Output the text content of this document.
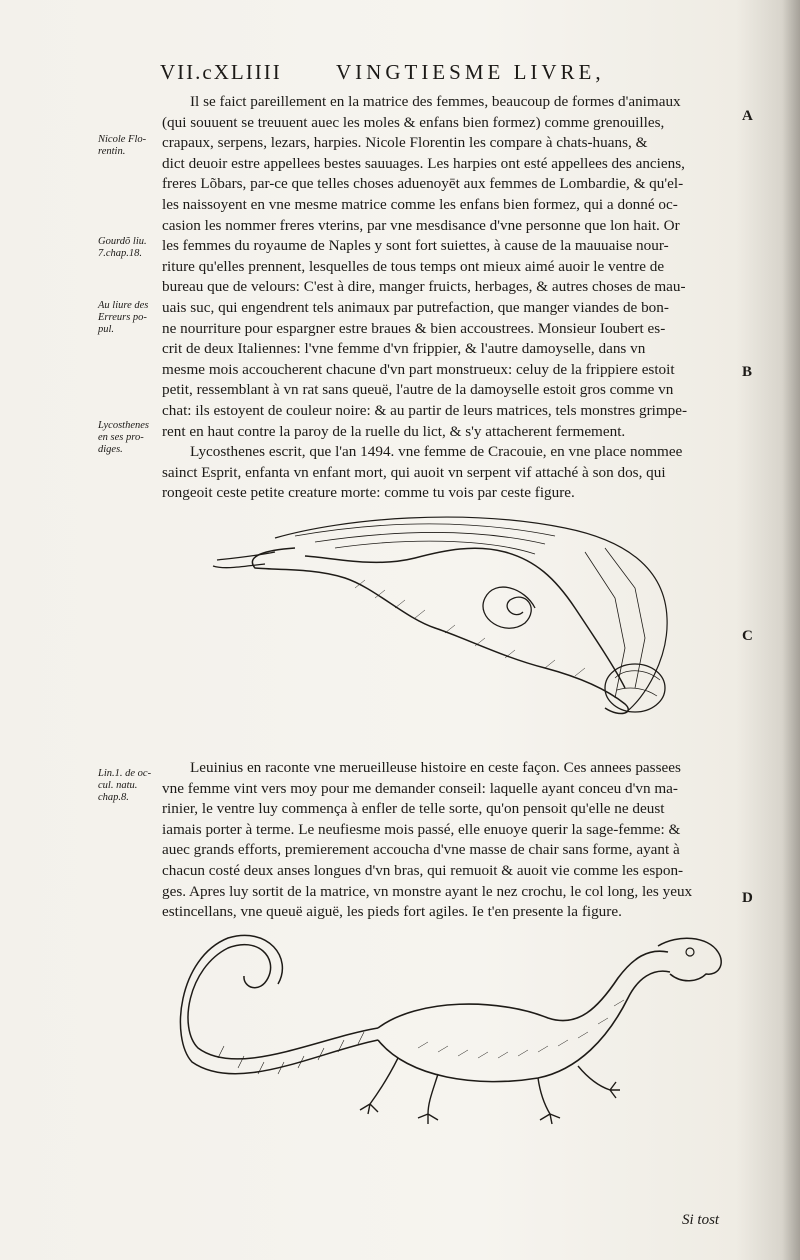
VII.cXLIIII	VINGTIESME LIVRE,
Il se faict pareillement en la matrice des femmes, beaucoup de formes d'animaux
(qui souuent se treuuent auec les moles & enfans bien formez) comme grenouilles,
crapaux, serpens, lezars, harpies. Nicole Florentin les compare à chats-huans, &
dict deuoir estre appellees bestes sauuages. Les harpies ont esté appellees des anciens,
freres Lõbars, par-ce que telles choses aduenoyēt aux femmes de Lombardie, & qu'el-
les naissoyent en vne mesme matrice comme les enfans bien formez, qui a donné oc-
casion les nommer freres vterins, par vne mesdisance d'vne personne que lon hait. Or
les femmes du royaume de Naples y sont fort suiettes, à cause de la mauuaise nour-
riture qu'elles prennent, lesquelles de tous temps ont mieux aimé auoir le ventre de
bureau que de velours: C'est à dire, manger fruicts, herbages, & autres choses de mau-
uais suc, qui engendrent tels animaux par putrefaction, que manger viandes de bon-
ne nourriture pour espargner estre braues & bien accoustrees. Monsieur Ioubert es-
crit de deux Italiennes: l'vne femme d'vn frippier, & l'autre damoyselle, dans vn
mesme mois accoucherent chacune d'vn part monstrueux: celuy de la frippiere estoit
petit, ressemblant à vn rat sans queuë, l'autre de la damoyselle estoit gros comme vn
chat: ils estoyent de couleur noire: & au partir de leurs matrices, tels monstres grimpe-
rent en haut contre la paroy de la ruelle du lict, & s'y attacherent fermement.
Lycosthenes escrit, que l'an 1494. vne femme de Cracouie, en vne place nommee
sainct Esprit, enfanta vn enfant mort, qui auoit vn serpent vif attaché à son dos, qui
rongeoit ceste petite creature morte: comme tu vois par ceste figure.
Leuinius en raconte vne merueilleuse histoire en ceste façon. Ces annees passees
vne femme vint vers moy pour me demander conseil: laquelle ayant conceu d'vn ma-
rinier, le ventre luy commença à enfler de telle sorte, qu'on pensoit qu'elle ne deust
iamais porter à terme. Le neufiesme mois passé, elle enuoye querir la sage-femme: &
auec grands efforts, premierement accoucha d'vne masse de chair sans forme, ayant à
chacun costé deux anses longues d'vn bras, qui remuoit & auoit vie comme les espon-
ges. Apres luy sortit de la matrice, vn monstre ayant le nez crochu, le col long, les yeux
estincellans, vne queuë aiguë, les pieds fort agiles. Ie t'en presente la figure.
Nicole Flo-
rentin.
Gourdõ liu.
7.chap.18.
Au liure des
Erreurs po-
pul.
Lycosthenes
en ses pro-
diges.
Lin.1. de oc-
cul. natu.
chap.8.
A
B
C
D
Si tost
